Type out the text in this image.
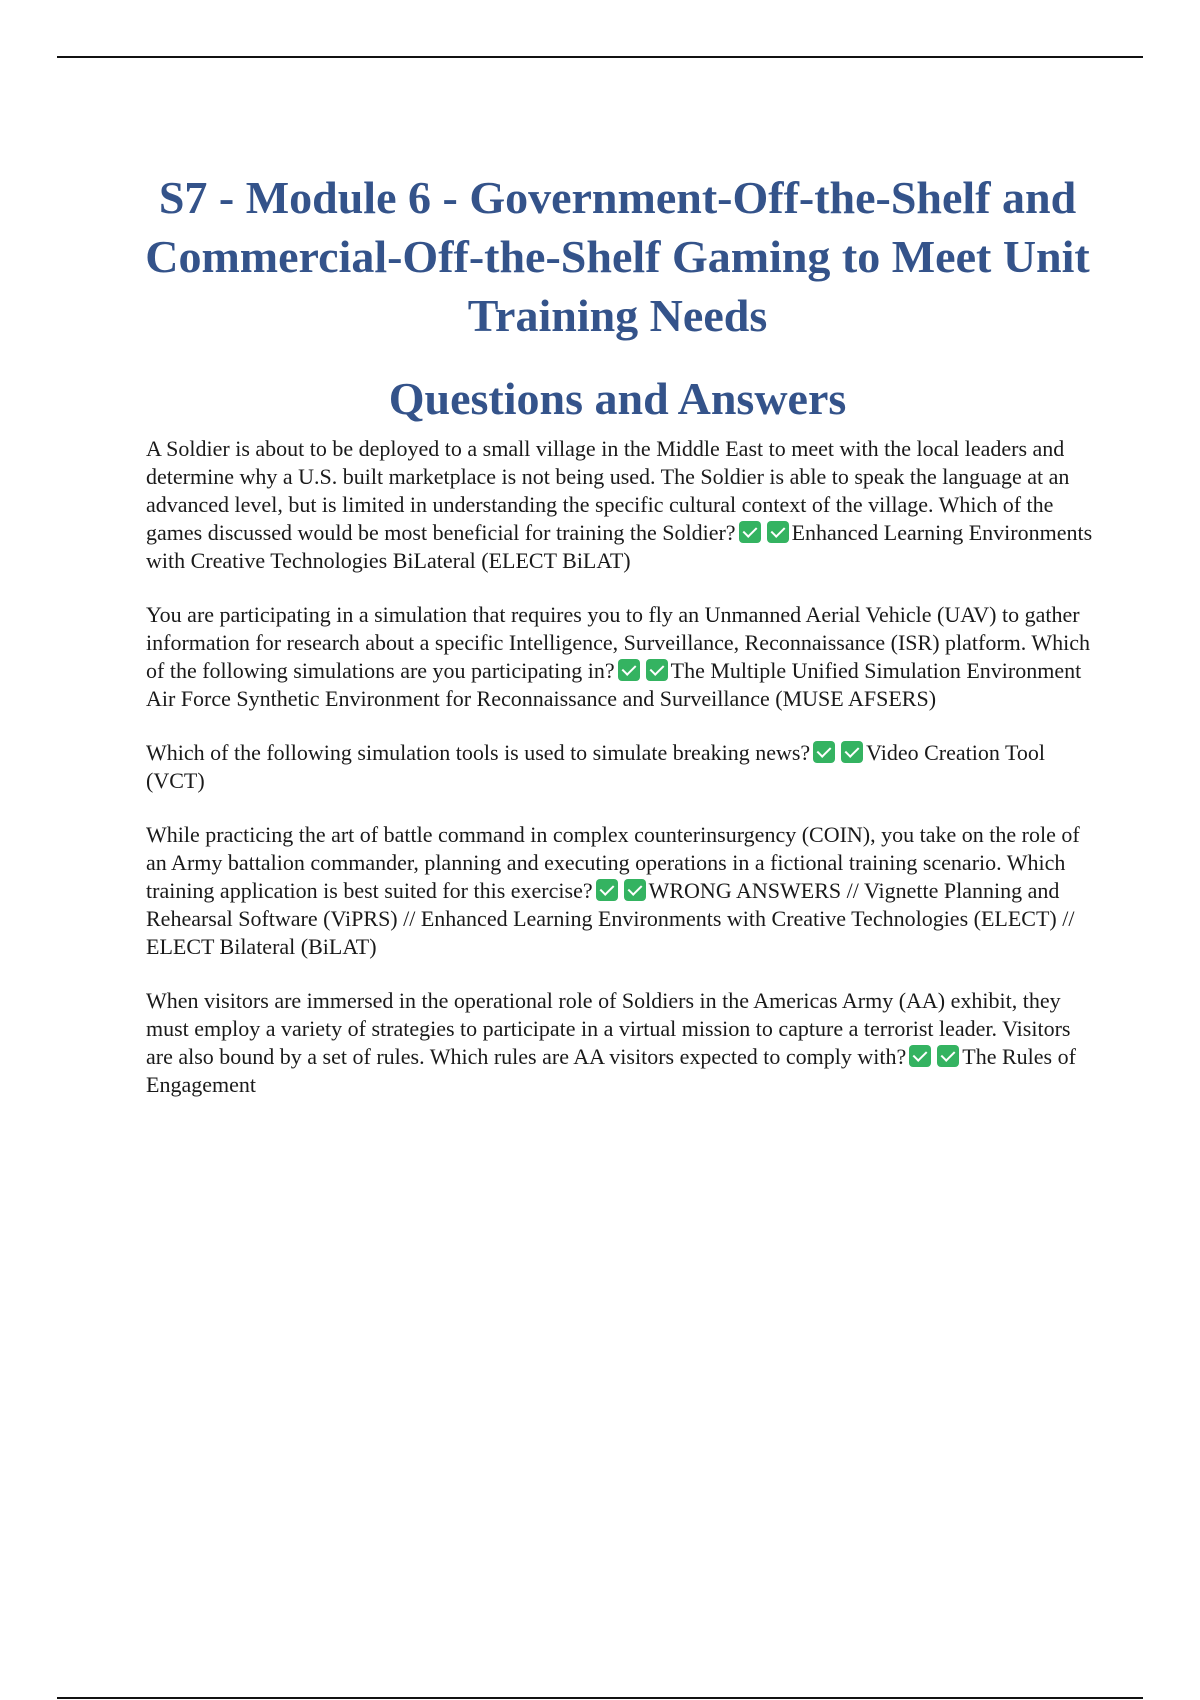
S7 - Module 6 - Government-Off-the-Shelf and Commercial-Off-the-Shelf Gaming to Meet Unit Training Needs
Questions and Answers

A Soldier is about to be deployed to a small village in the Middle East to meet with the local leaders and determine why a U.S. built marketplace is not being used. The Soldier is able to speak the language at an advanced level, but is limited in understanding the specific cultural context of the village. Which of the games discussed would be most beneficial for training the Soldier?	Enhanced Learning Environments with Creative Technologies BiLateral (ELECT BiLAT)

You are participating in a simulation that requires you to fly an Unmanned Aerial Vehicle (UAV) to gather information for research about a specific Intelligence, Surveillance, Reconnaissance (ISR) platform. Which of the following simulations are you participating in?	The Multiple Unified Simulation Environment Air Force Synthetic Environment for Reconnaissance and Surveillance (MUSE AFSERS)

Which of the following simulation tools is used to simulate breaking news?	Video Creation Tool (VCT)

While practicing the art of battle command in complex counterinsurgency (COIN), you take on the role of an Army battalion commander, planning and executing operations in a fictional training scenario. Which training application is best suited for this exercise?	WRONG ANSWERS // Vignette Planning and Rehearsal Software (ViPRS) // Enhanced Learning Environments with Creative Technologies (ELECT) // ELECT Bilateral (BiLAT)

When visitors are immersed in the operational role of Soldiers in the Americas Army (AA) exhibit, they must employ a variety of strategies to participate in a virtual mission to capture a terrorist leader. Visitors are also bound by a set of rules. Which rules are AA visitors expected to comply with?	The Rules of Engagement
